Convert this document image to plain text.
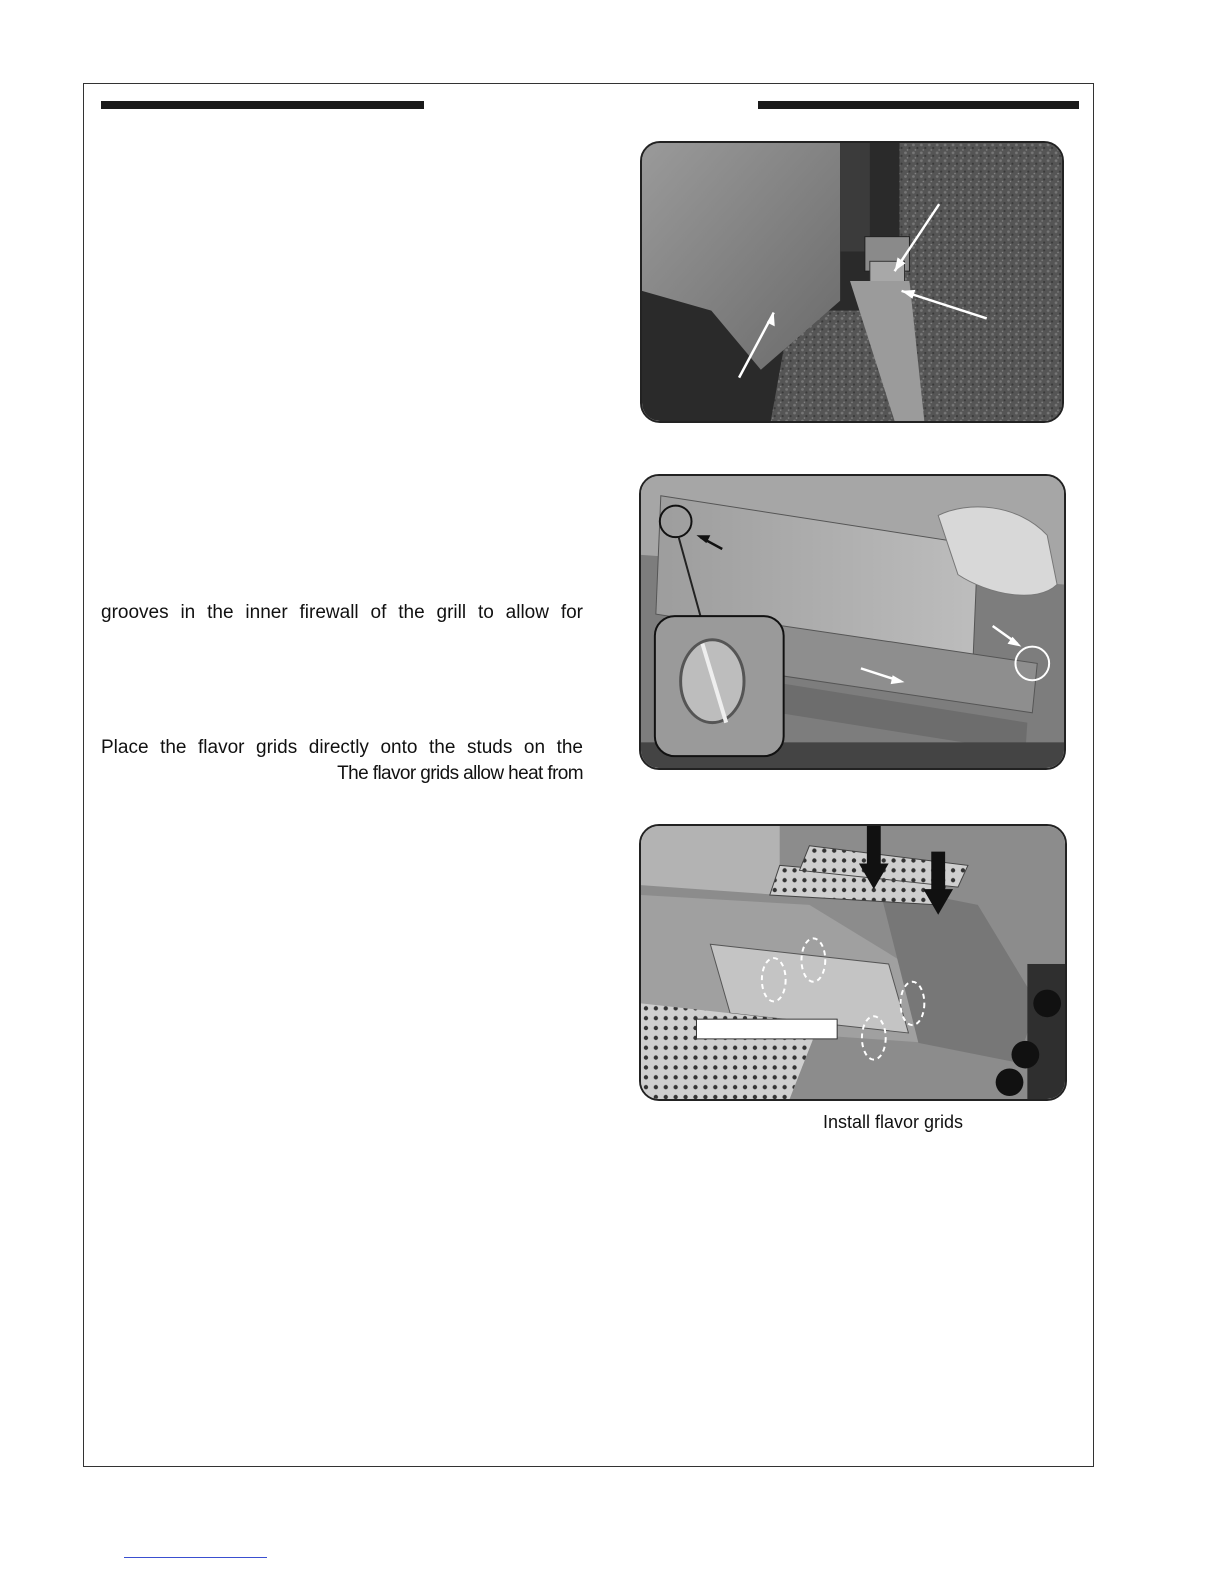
grooves in the inner firewall of the grill to allow for
Place the flavor grids directly onto the studs on the
The flavor grids allow heat from
Install flavor grids
